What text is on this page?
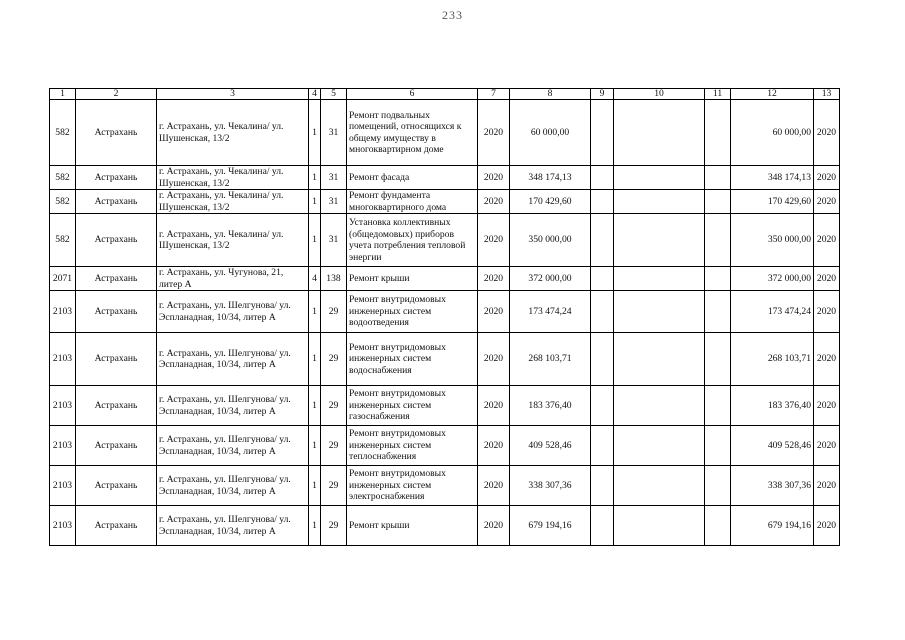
233
1	2	3	4	5	6	7	8	9	10	11	12	13
582	Астрахань	г. Астрахань, ул. Чекалина/ ул. Шушенская, 13/2	1	31	Ремонт подвальных помещений, относящихся к общему имуществу в многоквартирном доме	2020	60 000,00				60 000,00	2020
582	Астрахань	г. Астрахань, ул. Чекалина/ ул. Шушенская, 13/2	1	31	Ремонт фасада	2020	348 174,13				348 174,13	2020
582	Астрахань	г. Астрахань, ул. Чекалина/ ул. Шушенская, 13/2	1	31	Ремонт фундамента многоквартирного дома	2020	170 429,60				170 429,60	2020
582	Астрахань	г. Астрахань, ул. Чекалина/ ул. Шушенская, 13/2	1	31	Установка коллективных (общедомовых) приборов учета потребления тепловой энергии	2020	350 000,00				350 000,00	2020
2071	Астрахань	г. Астрахань, ул. Чугунова, 21, литер А	4	138	Ремонт крыши	2020	372 000,00				372 000,00	2020
2103	Астрахань	г. Астрахань, ул. Шелгунова/ ул. Эспланадная, 10/34, литер А	1	29	Ремонт внутридомовых инженерных систем водоотведения	2020	173 474,24				173 474,24	2020
2103	Астрахань	г. Астрахань, ул. Шелгунова/ ул. Эспланадная, 10/34, литер А	1	29	Ремонт внутридомовых инженерных систем водоснабжения	2020	268 103,71				268 103,71	2020
2103	Астрахань	г. Астрахань, ул. Шелгунова/ ул. Эспланадная, 10/34, литер А	1	29	Ремонт внутридомовых инженерных систем газоснабжения	2020	183 376,40				183 376,40	2020
2103	Астрахань	г. Астрахань, ул. Шелгунова/ ул. Эспланадная, 10/34, литер А	1	29	Ремонт внутридомовых инженерных систем теплоснабжения	2020	409 528,46				409 528,46	2020
2103	Астрахань	г. Астрахань, ул. Шелгунова/ ул. Эспланадная, 10/34, литер А	1	29	Ремонт внутридомовых инженерных систем электроснабжения	2020	338 307,36				338 307,36	2020
2103	Астрахань	г. Астрахань, ул. Шелгунова/ ул. Эспланадная, 10/34, литер А	1	29	Ремонт крыши	2020	679 194,16				679 194,16	2020
